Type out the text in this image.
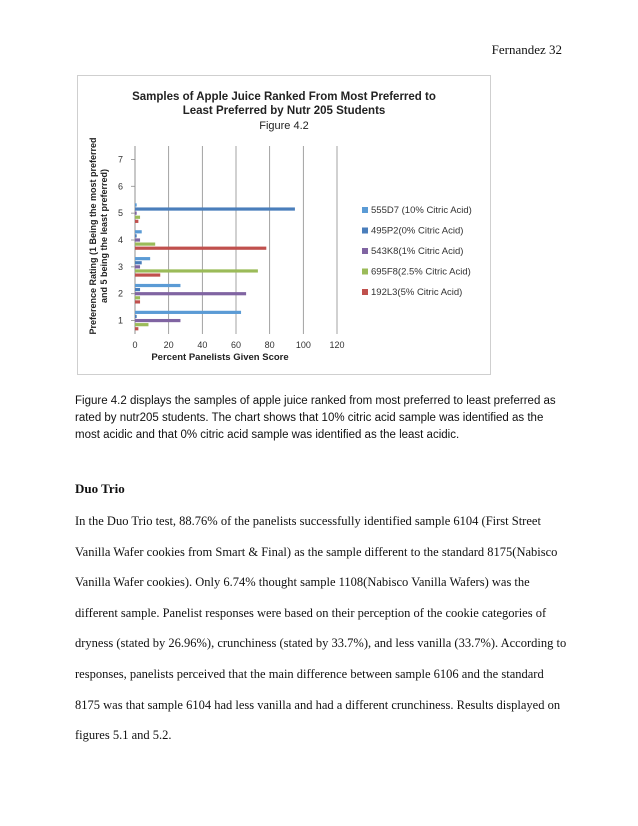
Fernandez 32
Samples of Apple Juice Ranked From Most Preferred to
Least Preferred by Nutr 205 Students
Figure 4.2
0	20	40	60	80 100 120
1
2
3
4
5
6
7
Percent Panelists Given Score
Preference Rating (1 Being the most preferred and 5 being the least preferred)	555D7 (10% Citric Acid)
495P2(0% Citric Acid)
543K8(1% Citric Acid)
695F8(2.5% Citric Acid)
192L3(5% Citric Acid)
Figure 4.2 displays the samples of apple juice ranked from most preferred to least preferred as rated by nutr205 students. The chart shows that 10% citric acid sample was identified as the most acidic and that 0% citric acid sample was identified as the least acidic.
Duo Trio

In the Duo Trio test, 88.76% of the panelists successfully identified sample 6104 (First Street Vanilla Wafer cookies from Smart & Final) as the sample different to the standard 8175(Nabisco Vanilla Wafer cookies). Only 6.74% thought sample 1108(Nabisco Vanilla Wafers) was the different sample. Panelist responses were based on their perception of the cookie categories of dryness (stated by 26.96%), crunchiness (stated by 33.7%), and less vanilla (33.7%). According to responses, panelists perceived that the main difference between sample 6106 and the standard 8175 was that sample 6104 had less vanilla and had a different crunchiness. Results displayed on figures 5.1 and 5.2.
